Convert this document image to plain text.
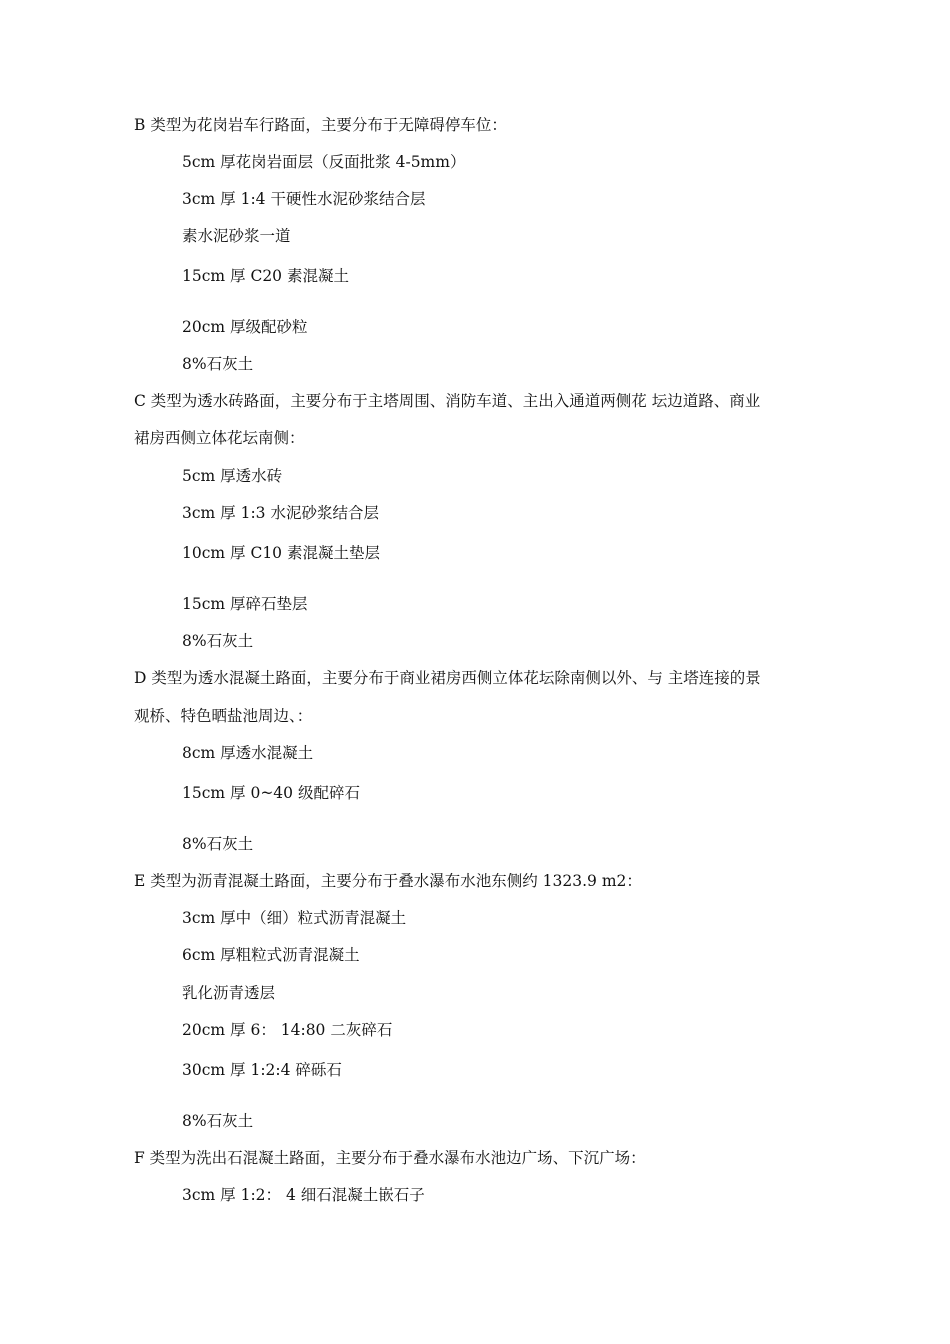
B 类型为花岗岩车行路面，主要分布于无障碍停车位：
5cm 厚花岗岩面层（反面批浆 4-5mm）
3cm 厚 1:4 干硬性水泥砂浆结合层
素水泥砂浆一道
15cm 厚 C20 素混凝土
20cm 厚级配砂粒
8%石灰土
C 类型为透水砖路面，主要分布于主塔周围、消防车道、主出入通道两侧花 坛边道路、商业
裙房西侧立体花坛南侧：
5cm 厚透水砖
3cm 厚 1:3 水泥砂浆结合层
10cm 厚 C10 素混凝土垫层
15cm 厚碎石垫层
8%石灰土
D 类型为透水混凝土路面，主要分布于商业裙房西侧立体花坛除南侧以外、与 主塔连接的景
观桥、特色晒盐池周边、：
8cm 厚透水混凝土
15cm 厚 0~40 级配碎石
8%石灰土
E 类型为沥青混凝土路面，主要分布于叠水瀑布水池东侧约 1323.9 m2：
3cm 厚中（细）粒式沥青混凝土
6cm 厚粗粒式沥青混凝土
乳化沥青透层
20cm 厚 6： 14:80 二灰碎石
30cm 厚 1:2:4 碎砾石
8%石灰土
F 类型为洗出石混凝土路面，主要分布于叠水瀑布水池边广场、下沉广场：
3cm 厚 1:2： 4 细石混凝土嵌石子
